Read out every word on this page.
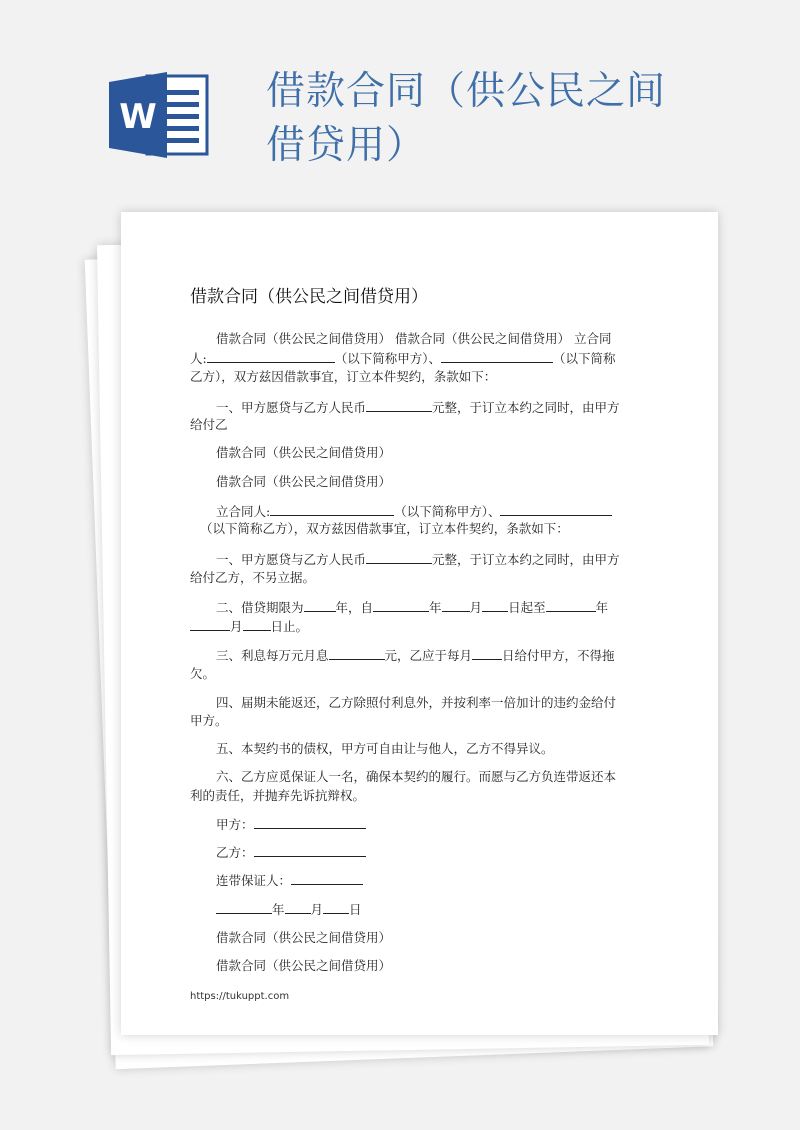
W
借款合同（供公民之间
借贷用）
借款合同（供公民之间借贷用）
借款合同（供公民之间借贷用） 借款合同（供公民之间借贷用） 立合同
人:	（以下简称甲方）、	（以下简称
乙方），双方兹因借款事宜，订立本件契约，条款如下：
一、甲方愿贷与乙方人民币	元整，于订立本约之同时，由甲方
给付乙
借款合同（供公民之间借贷用）
借款合同（供公民之间借贷用）
立合同人:	（以下简称甲方）、
（以下简称乙方），双方兹因借款事宜，订立本件契约，条款如下：
一、甲方愿贷与乙方人民币	元整，于订立本约之同时，由甲方
给付乙方，不另立据。
二、借贷期限为	年，自	年 月 日起至	年
月 日止。
三、利息每万元月息	元，乙应于每月 日给付甲方，不得拖
欠。
四、届期未能返还，乙方除照付利息外，并按利率一倍加计的违约金给付
甲方。
五、本契约书的债权，甲方可自由让与他人，乙方不得异议。
六、乙方应觅保证人一名，确保本契约的履行。而愿与乙方负连带返还本
利的责任，并抛弃先诉抗辩权。
甲方：
乙方：
连带保证人：
年 月 日
借款合同（供公民之间借贷用）
借款合同（供公民之间借贷用）
https://tukuppt.com
